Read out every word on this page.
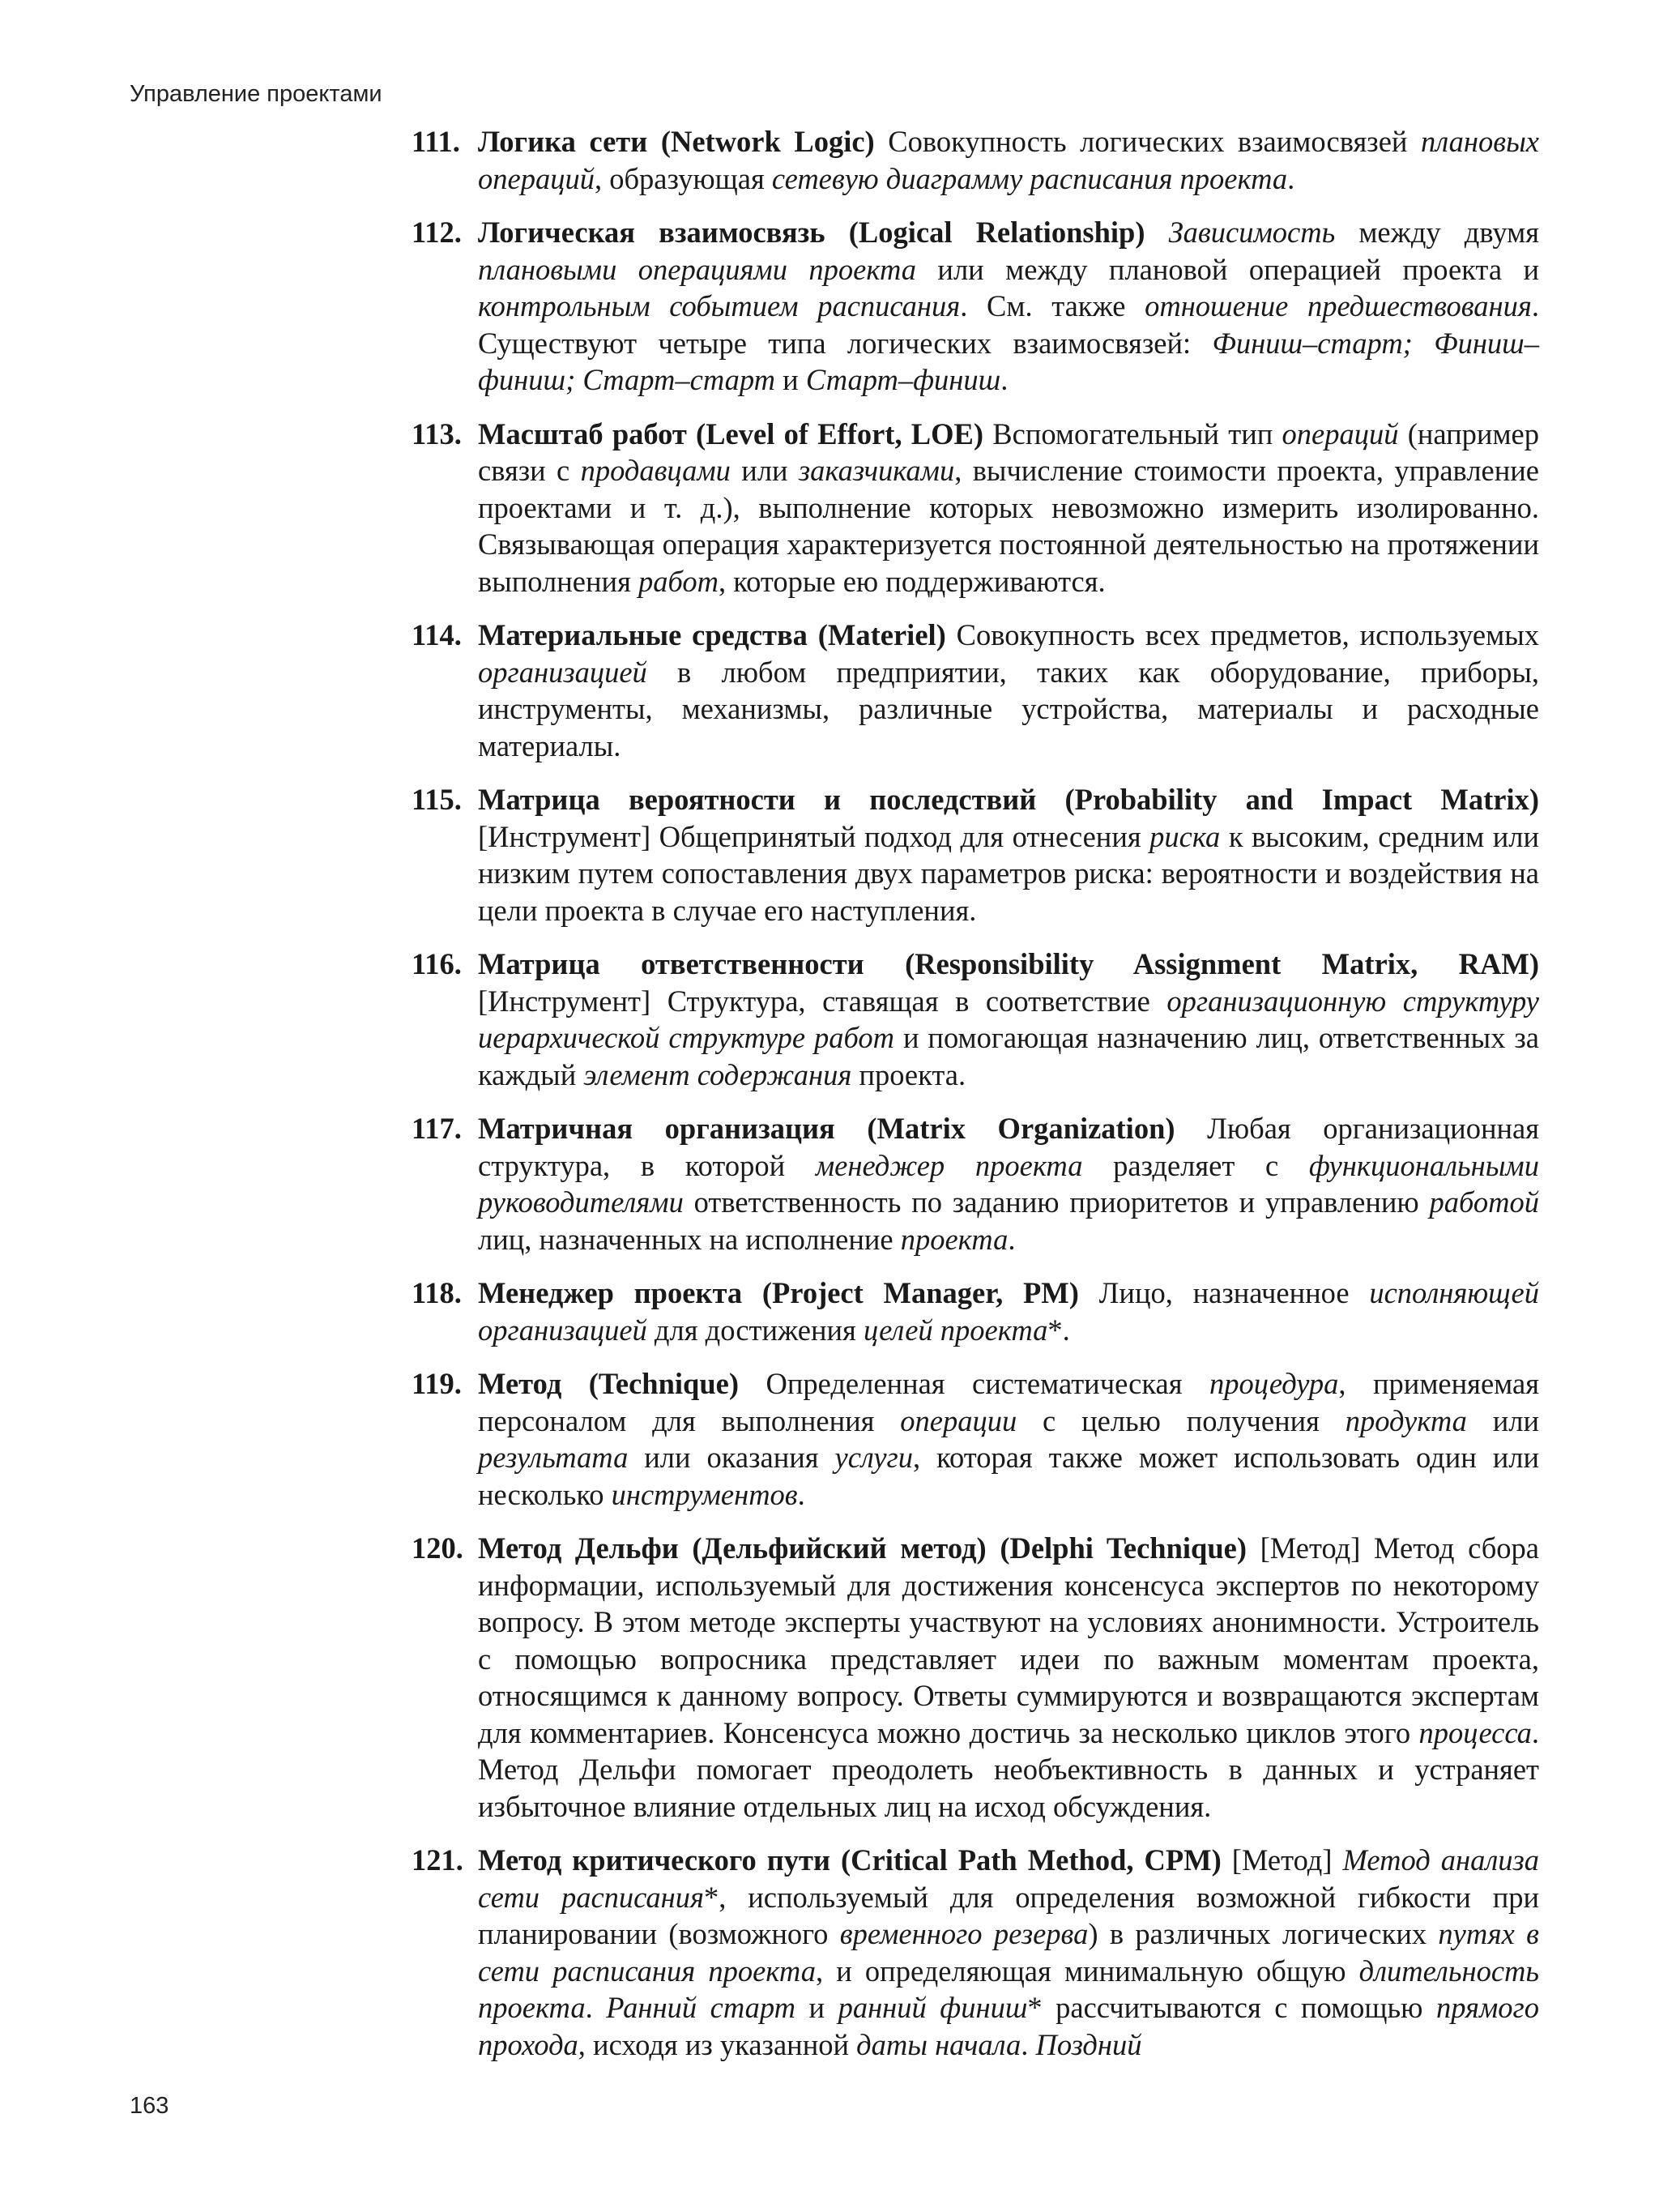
Управление проектами
111. Логика сети (Network Logic) Совокупность логических взаимосвязей плановых операций, образующая сетевую диаграмму расписания проекта.
112. Логическая взаимосвязь (Logical Relationship) Зависимость между двумя плановыми операциями проекта или между плановой операцией проекта и контрольным событием расписания. См. также отношение предшествования. Существуют четыре типа логических взаимосвязей: Финиш–старт; Финиш–финиш; Старт–старт и Старт–финиш.
113. Масштаб работ (Level of Effort, LOE) Вспомогательный тип операций (например связи с продавцами или заказчиками, вычисление стоимости проекта, управление проектами и т. д.), выполнение которых невозможно измерить изолированно. Связывающая операция характеризуется постоянной деятельностью на протяжении выполнения работ, которые ею поддерживаются.
114. Материальные средства (Materiel) Совокупность всех предметов, используемых организацией в любом предприятии, таких как оборудование, приборы, инструменты, механизмы, различные устройства, материалы и расходные материалы.
115. Матрица вероятности и последствий (Probability and Impact Matrix) [Инструмент] Общепринятый подход для отнесения риска к высоким, средним или низким путем сопоставления двух параметров риска: вероятности и воздействия на цели проекта в случае его наступления.
116. Матрица ответственности (Responsibility Assignment Matrix, RAM) [Инструмент] Структура, ставящая в соответствие организационную структуру иерархической структуре работ и помогающая назначению лиц, ответственных за каждый элемент содержания проекта.
117. Матричная организация (Matrix Organization) Любая организационная структура, в которой менеджер проекта разделяет с функциональными руководителями ответственность по заданию приоритетов и управлению работой лиц, назначенных на исполнение проекта.
118. Менеджер проекта (Project Manager, PM) Лицо, назначенное исполняющей организацией для достижения целей проекта*.
119. Метод (Technique) Определенная систематическая процедура, применяемая персоналом для выполнения операции с целью получения продукта или результата или оказания услуги, которая также может использовать один или несколько инструментов.
120. Метод Дельфи (Дельфийский метод) (Delphi Technique) [Метод] Метод сбора информации, используемый для достижения консенсуса экспертов по некоторому вопросу. В этом методе эксперты участвуют на условиях анонимности. Устроитель с помощью вопросника представляет идеи по важным моментам проекта, относящимся к данному вопросу. Ответы суммируются и возвращаются экспертам для комментариев. Консенсуса можно достичь за несколько циклов этого процесса. Метод Дельфи помогает преодолеть необъективность в данных и устраняет избыточное влияние отдельных лиц на исход обсуждения.
121. Метод критического пути (Critical Path Method, CPM) [Метод] Метод анализа сети расписания*, используемый для определения возможной гибкости при планировании (возможного временного резерва) в различных логических путях в сети расписания проекта, и определяющая минимальную общую длительность проекта. Ранний старт и ранний финиш* рассчитываются с помощью прямого прохода, исходя из указанной даты начала. Поздний
163
